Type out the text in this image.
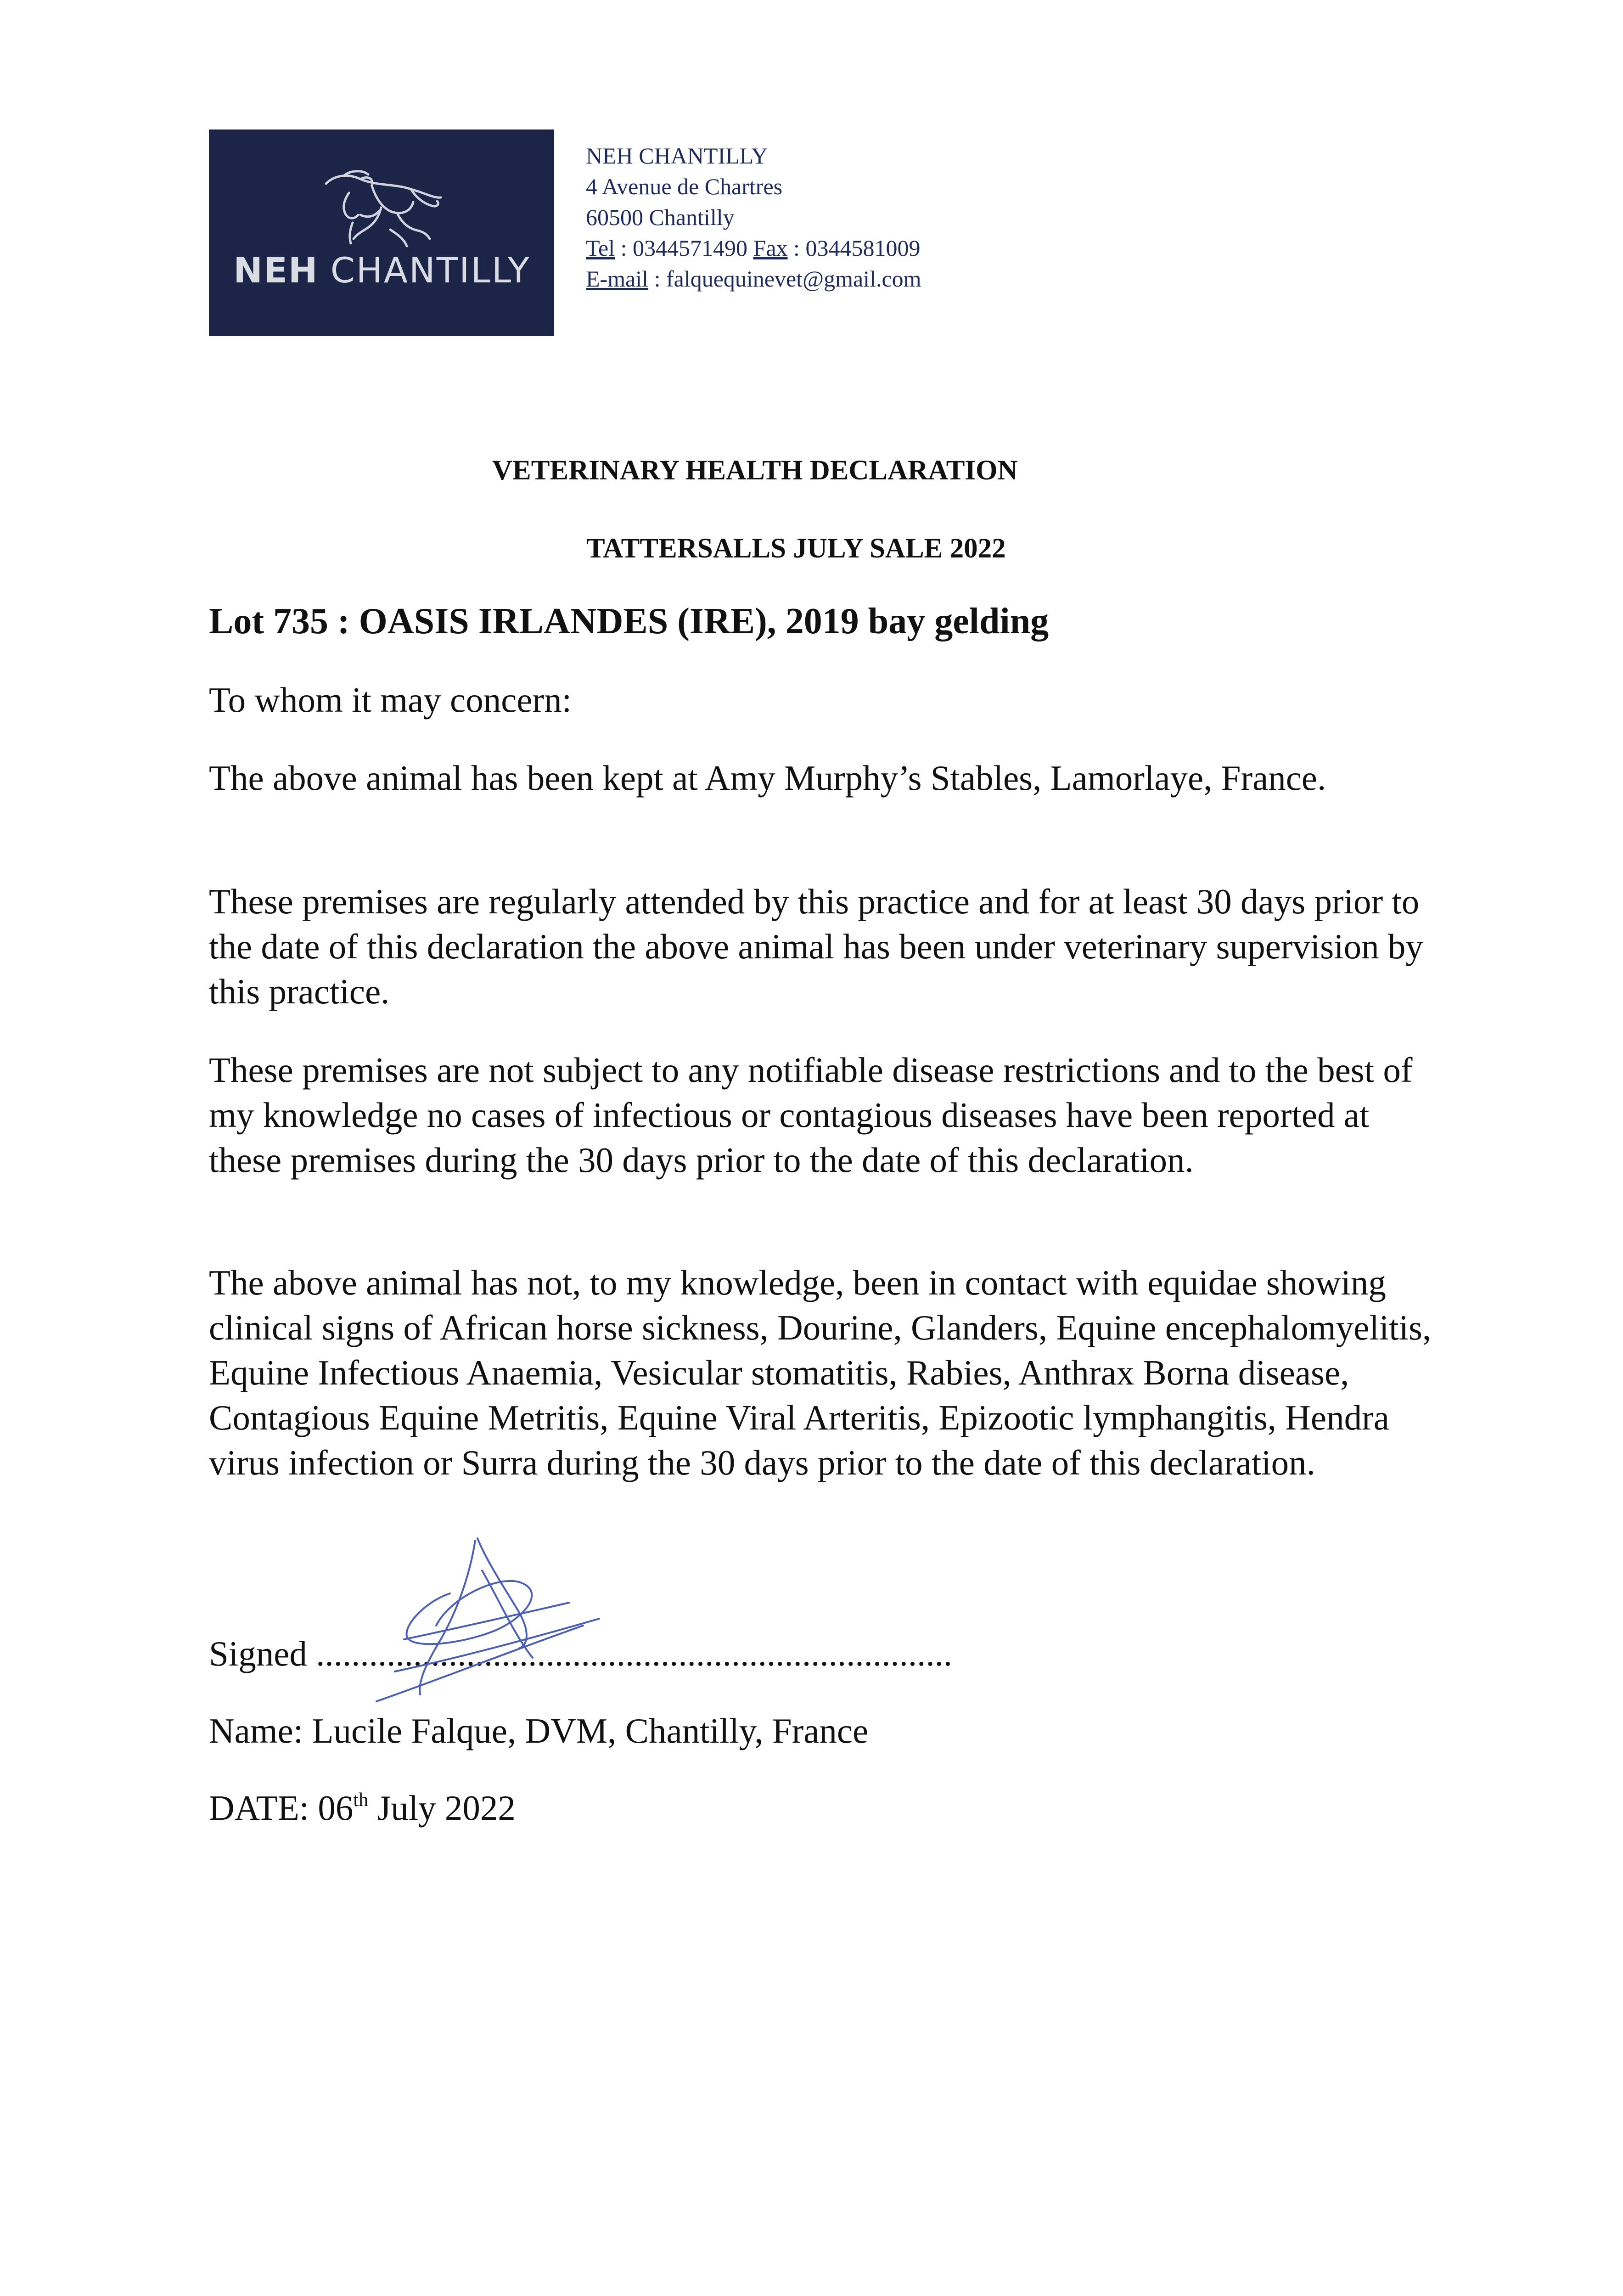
NEH CHANTILLY
NEH CHANTILLY
4 Avenue de Chartres
60500 Chantilly
Tel : 0344571490 Fax : 0344581009
E-mail : falquequinevet@gmail.com
VETERINARY HEALTH DECLARATION
TATTERSALLS JULY SALE 2022
Lot 735 : OASIS IRLANDES (IRE), 2019 bay gelding
To whom it may concern:
The above animal has been kept at Amy Murphy’s Stables, Lamorlaye, France.
These premises are regularly attended by this practice and for at least 30 days prior to the date of this declaration the above animal has been under veterinary supervision by this practice.
These premises are not subject to any notifiable disease restrictions and to the best of my knowledge no cases of infectious or contagious diseases have been reported at these premises during the 30 days prior to the date of this declaration.
The above animal has not, to my knowledge, been in contact with equidae showing clinical signs of African horse sickness, Dourine, Glanders, Equine encephalomyelitis, Equine Infectious Anaemia, Vesicular stomatitis, Rabies, Anthrax Borna disease, Contagious Equine Metritis, Equine Viral Arteritis, Epizootic lymphangitis, Hendra virus infection or Surra during the 30 days prior to the date of this declaration.
Signed ........................................................................
Name: Lucile Falque, DVM, Chantilly, France
DATE: 06th July 2022
